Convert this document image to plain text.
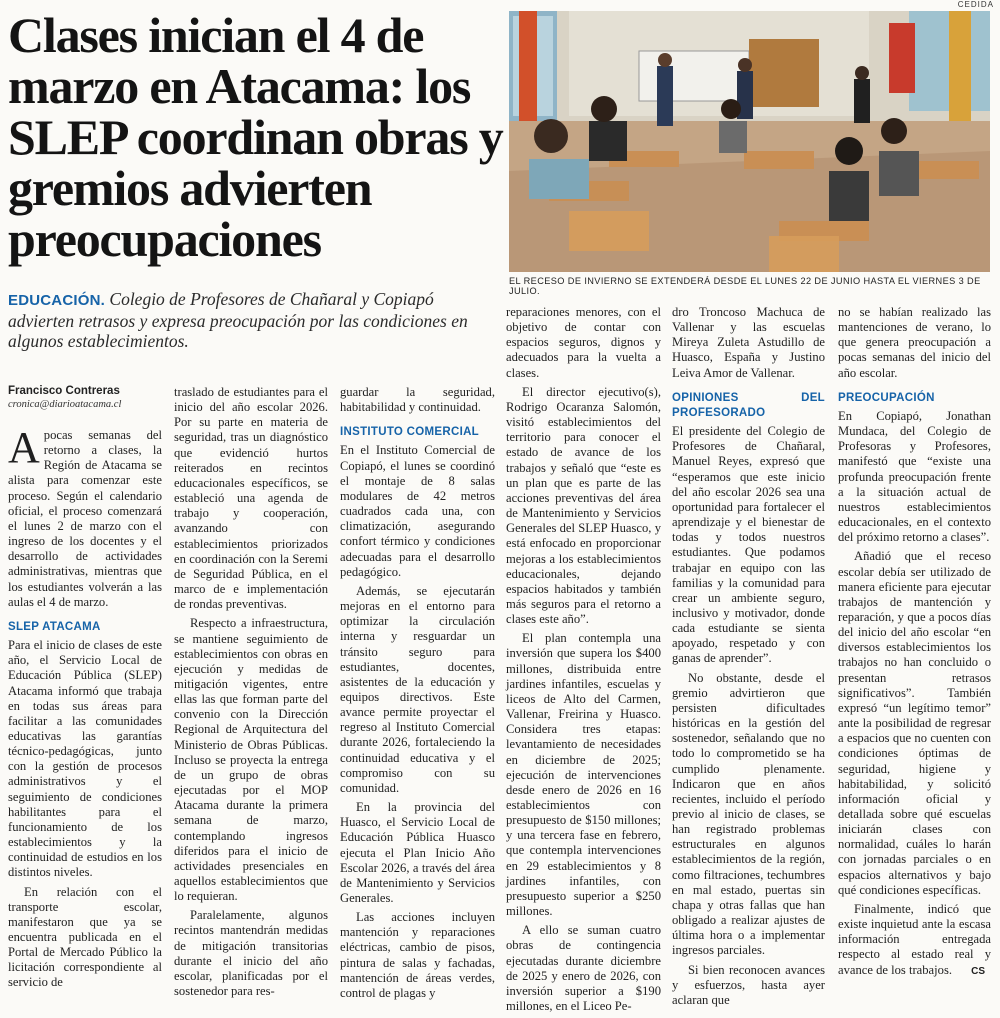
Clases inician el 4 de marzo en Atacama: los SLEP coordinan obras y gremios advierten preocupaciones
CEDIDA
EL RECESO DE INVIERNO SE EXTENDERÁ DESDE EL LUNES 22 DE JUNIO HASTA EL VIERNES 3 DE JULIO.

EDUCACIÓN. Colegio de Profesores de Chañaral y Copiapó advierten retrasos y expresa preocupación por las condiciones en algunos establecimientos.

Francisco Contreras
cronica@diarioatacama.cl

A pocas semanas del retorno a clases, la Región de Atacama se alista para comenzar este proceso. Según el calendario oficial, el proceso comenzará el lunes 2 de marzo con el ingreso de los docentes y el desarrollo de actividades administrativas, mientras que los estudiantes volverán a las aulas el 4 de marzo.

SLEP ATACAMA

Para el inicio de clases de este año, el Servicio Local de Educación Pública (SLEP) Atacama informó que trabaja en todas sus áreas para facilitar a las comunidades educativas las garantías técnico-pedagógicas, junto con la gestión de procesos administrativos y el seguimiento de condiciones habilitantes para el funcionamiento de los establecimientos y la continuidad de estudios en los distintos niveles.

En relación con el transporte escolar, manifestaron que ya se encuentra publicada en el Portal de Mercado Público la licitación correspondiente al servicio de

traslado de estudiantes para el inicio del año escolar 2026. Por su parte en materia de seguridad, tras un diagnóstico que evidenció hurtos reiterados en recintos educacionales específicos, se estableció una agenda de trabajo y cooperación, avanzando con establecimientos priorizados en coordinación con la Seremi de Seguridad Pública, en el marco de e implementación de rondas preventivas.

Respecto a infraestructura, se mantiene seguimiento de establecimientos con obras en ejecución y medidas de mitigación vigentes, entre ellas las que forman parte del convenio con la Dirección Regional de Arquitectura del Ministerio de Obras Públicas. Incluso se proyecta la entrega de un grupo de obras ejecutadas por el MOP Atacama durante la primera semana de marzo, contemplando ingresos diferidos para el inicio de actividades presenciales en aquellos establecimientos que lo requieran.

Paralelamente, algunos recintos mantendrán medidas de mitigación transitorias durante el inicio del año escolar, planificadas por el sostenedor para res-

guardar la seguridad, habitabilidad y continuidad.

INSTITUTO COMERCIAL

En el Instituto Comercial de Copiapó, el lunes se coordinó el montaje de 8 salas modulares de 42 metros cuadrados cada una, con climatización, asegurando confort térmico y condiciones adecuadas para el desarrollo pedagógico.

Además, se ejecutarán mejoras en el entorno para optimizar la circulación interna y resguardar un tránsito seguro para estudiantes, docentes, asistentes de la educación y equipos directivos. Este avance permite proyectar el regreso al Instituto Comercial durante 2026, fortaleciendo la continuidad educativa y el compromiso con su comunidad.

En la provincia del Huasco, el Servicio Local de Educación Pública Huasco ejecuta el Plan Inicio Año Escolar 2026, a través del área de Mantenimiento y Servicios Generales.

Las acciones incluyen mantención y reparaciones eléctricas, cambio de pisos, pintura de salas y fachadas, mantención de áreas verdes, control de plagas y

reparaciones menores, con el objetivo de contar con espacios seguros, dignos y adecuados para la vuelta a clases.

El director ejecutivo(s), Rodrigo Ocaranza Salomón, visitó establecimientos del territorio para conocer el estado de avance de los trabajos y señaló que “este es un plan que es parte de las acciones preventivas del área de Mantenimiento y Servicios Generales del SLEP Huasco, y está enfocado en proporcionar mejoras a los establecimientos educacionales, dejando espacios habitados y también más seguros para el retorno a clases este año”.

El plan contempla una inversión que supera los $400 millones, distribuida entre jardines infantiles, escuelas y liceos de Alto del Carmen, Vallenar, Freirina y Huasco. Considera tres etapas: levantamiento de necesidades en diciembre de 2025; ejecución de intervenciones desde enero de 2026 en 16 establecimientos con presupuesto de $150 millones; y una tercera fase en febrero, que contempla intervenciones en 29 establecimientos y 8 jardines infantiles, con presupuesto superior a $250 millones.

A ello se suman cuatro obras de contingencia ejecutadas durante diciembre de 2025 y enero de 2026, con inversión superior a $190 millones, en el Liceo Pe-

dro Troncoso Machuca de Vallenar y las escuelas Mireya Zuleta Astudillo de Huasco, España y Justino Leiva Amor de Vallenar.

OPINIONES DEL PROFESORADO

El presidente del Colegio de Profesores de Chañaral, Manuel Reyes, expresó que “esperamos que este inicio del año escolar 2026 sea una oportunidad para fortalecer el aprendizaje y el bienestar de todas y todos nuestros estudiantes. Que podamos trabajar en equipo con las familias y la comunidad para crear un ambiente seguro, inclusivo y motivador, donde cada estudiante se sienta apoyado, respetado y con ganas de aprender”.

No obstante, desde el gremio advirtieron que persisten dificultades históricas en la gestión del sostenedor, señalando que no todo lo comprometido se ha cumplido plenamente. Indicaron que en años recientes, incluido el período previo al inicio de clases, se han registrado problemas estructurales en algunos establecimientos de la región, como filtraciones, techumbres en mal estado, puertas sin chapa y otras fallas que han obligado a realizar ajustes de última hora o a implementar ingresos parciales.

Si bien reconocen avances y esfuerzos, hasta ayer aclaran que

no se habían realizado las mantenciones de verano, lo que genera preocupación a pocas semanas del inicio del año escolar.

PREOCUPACIÓN

En Copiapó, Jonathan Mundaca, del Colegio de Profesoras y Profesores, manifestó que “existe una profunda preocupación frente a la situación actual de nuestros establecimientos educacionales, en el contexto del próximo retorno a clases”.

Añadió que el receso escolar debía ser utilizado de manera eficiente para ejecutar trabajos de mantención y reparación, y que a pocos días del inicio del año escolar “en diversos establecimientos los trabajos no han concluido o presentan retrasos significativos”. También expresó “un legítimo temor” ante la posibilidad de regresar a espacios que no cuenten con condiciones óptimas de seguridad, higiene y habitabilidad, y solicitó información oficial y detallada sobre qué escuelas iniciarán clases con normalidad, cuáles lo harán con jornadas parciales o en espacios alternativos y bajo qué condiciones específicas.

Finalmente, indicó que existe inquietud ante la escasa información entregada respecto al estado real y avance de los trabajos. CS
